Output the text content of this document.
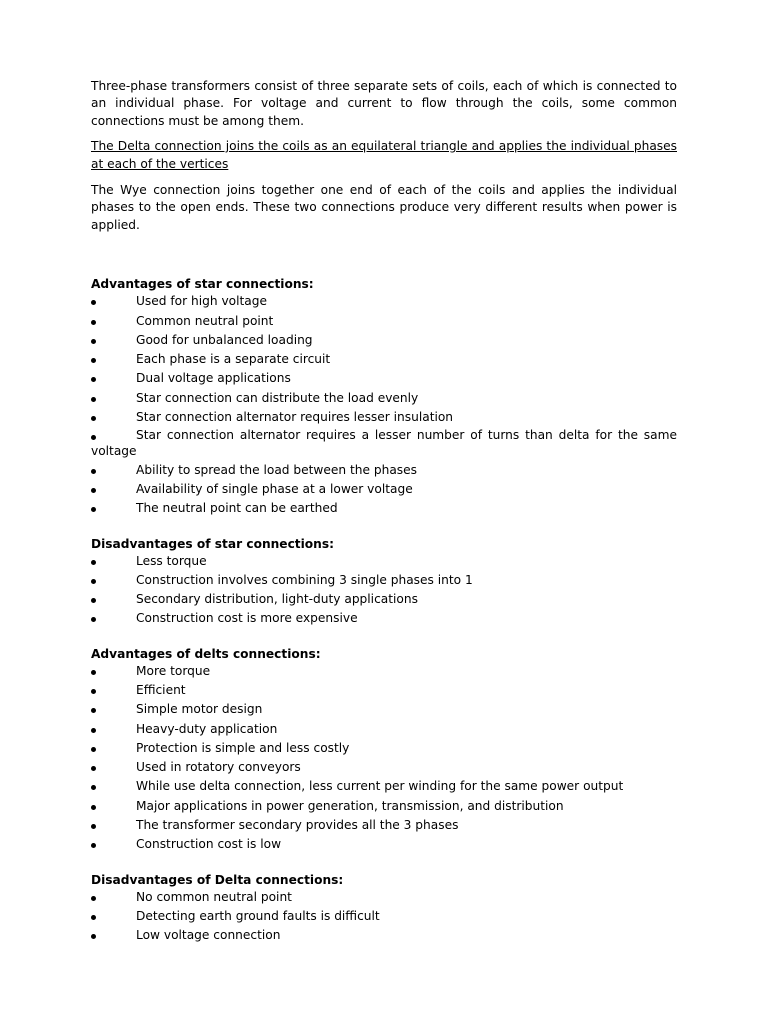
Three-phase transformers consist of three separate sets of coils, each of which is connected to an individual phase. For voltage and current to flow through the coils, some common connections must be among them.

The Delta connection joins the coils as an equilateral triangle and applies the individual phases at each of the vertices

The Wye connection joins together one end of each of the coils and applies the individual phases to the open ends. These two connections produce very different results when power is applied.

Advantages of star connections:
Used for high voltage
Common neutral point
Good for unbalanced loading
Each phase is a separate circuit
Dual voltage applications
Star connection can distribute the load evenly
Star connection alternator requires lesser insulation
Star connection alternator requires a lesser number of turns than delta for the same voltage
Ability to spread the load between the phases
Availability of single phase at a lower voltage
The neutral point can be earthed
Disadvantages of star connections:
Less torque
Construction involves combining 3 single phases into 1
Secondary distribution, light-duty applications
Construction cost is more expensive
Advantages of delts connections:
More torque
Efficient
Simple motor design
Heavy-duty application
Protection is simple and less costly
Used in rotatory conveyors
While use delta connection, less current per winding for the same power output
Major applications in power generation, transmission, and distribution
The transformer secondary provides all the 3 phases
Construction cost is low
Disadvantages of Delta connections:
No common neutral point
Detecting earth ground faults is difficult
Low voltage connection
